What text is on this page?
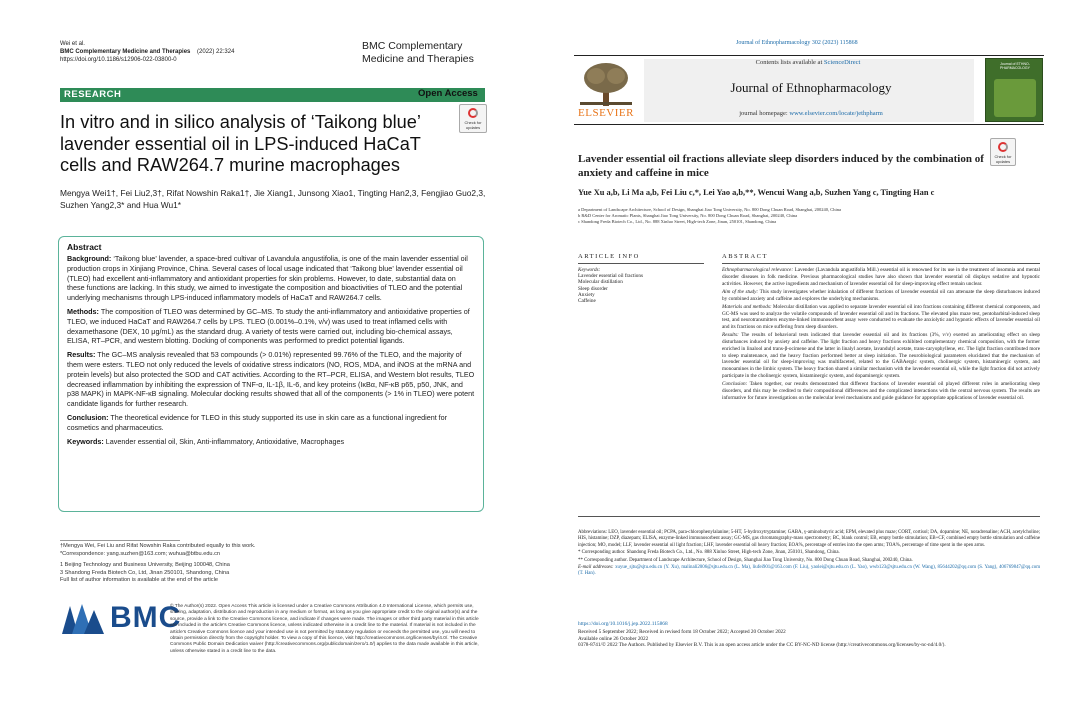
Wei et al.
BMC Complementary Medicine and Therapies (2022) 22:324
https://doi.org/10.1186/s12906-022-03800-0
BMC Complementary Medicine and Therapies
RESEARCH	Open Access
Check for updates
In vitro and in silico analysis of ‘Taikong blue’ lavender essential oil in LPS-induced HaCaT cells and RAW264.7 murine macrophages
Mengya Wei1†, Fei Liu2,3†, Rifat Nowshin Raka1†, Jie Xiang1, Junsong Xiao1, Tingting Han2,3, Fengjiao Guo2,3, Suzhen Yang2,3* and Hua Wu1*
Abstract

Background: ‘Taikong blue’ lavender, a space-bred cultivar of Lavandula angustifolia, is one of the main lavender essential oil production crops in Xinjiang Province, China. Several cases of local usage indicated that ‘Taikong blue’ lavender essential oil (TLEO) had excellent anti-inflammatory and antioxidant properties for skin problems. However, to date, substantial data on these functions are lacking. In this study, we aimed to investigate the composition and bioactivities of TLEO and the potential underlying mechanisms through LPS-induced inflammatory models of HaCaT and RAW264.7 cells.

Methods: The composition of TLEO was determined by GC–MS. To study the anti-inflammatory and antioxidative properties of TLEO, we induced HaCaT and RAW264.7 cells by LPS. TLEO (0.001%–0.1%, v/v) was used to treat inflamed cells with dexamethasone (DEX, 10 μg/mL) as the standard drug. A variety of tests were carried out, including bio-chemical assays, ELISA, RT–PCR, and western blotting. Docking of components was performed to predict potential ligands.

Results: The GC–MS analysis revealed that 53 compounds (> 0.01%) represented 99.76% of the TLEO, and the majority of them were esters. TLEO not only reduced the levels of oxidative stress indicators (NO, ROS, MDA, and iNOS at the mRNA and protein levels) but also protected the SOD and CAT activities. According to the RT–PCR, ELISA, and Western blot results, TLEO decreased inflammation by inhibiting the expression of TNF-α, IL-1β, IL-6, and key proteins (IκBα, NF-κB p65, p50, JNK, and p38 MAPK) in MAPK-NF-κB signaling. Molecular docking results showed that all of the components (> 1% in TLEO) were potent candidate ligands for further research.

Conclusion: The theoretical evidence for TLEO in this study supported its use in skin care as a functional ingredient for cosmetics and pharmaceutics.

Keywords: Lavender essential oil, Skin, Anti-inflammatory, Antioxidative, Macrophages

†Mengya Wei, Fei Liu and Rifat Nowshin Raka contributed equally to this work.
*Correspondence: yang.suzhen@163.com; wuhua@btbu.edu.cn
1 Beijing Technology and Business University, Beijing 100048, China
3 Shandong Freda Biotech Co, Ltd, Jinan 250101, Shandong, China
Full list of author information is available at the end of the article
BMC
© The Author(s) 2022. Open Access This article is licensed under a Creative Commons Attribution 4.0 International License, which permits use, sharing, adaptation, distribution and reproduction in any medium or format, as long as you give appropriate credit to the original author(s) and the source, provide a link to the Creative Commons licence, and indicate if changes were made. The images or other third party material in this article are included in the article's Creative Commons licence, unless indicated otherwise in a credit line to the material. If material is not included in the article's Creative Commons licence and your intended use is not permitted by statutory regulation or exceeds the permitted use, you will need to obtain permission directly from the copyright holder. To view a copy of this licence, visit http://creativecommons.org/licenses/by/4.0/. The Creative Commons Public Domain Dedication waiver (http://creativecommons.org/publicdomain/zero/1.0/) applies to the data made available in this article, unless otherwise stated in a credit line to the data.
Journal of Ethnopharmacology 302 (2023) 115868
Contents lists available at ScienceDirect
Journal of Ethnopharmacology
journal homepage: www.elsevier.com/locate/jethpharm
ELSEVIER
Journal of ETHNO-PHARMACOLOGY
Check for updates
Lavender essential oil fractions alleviate sleep disorders induced by the combination of anxiety and caffeine in mice
Yue Xu a,b, Li Ma a,b, Fei Liu c,*, Lei Yao a,b,**, Wencui Wang a,b, Suzhen Yang c, Tingting Han c
a Department of Landscape Architecture, School of Design, Shanghai Jiao Tong University, No. 800 Dong Chuan Road, Shanghai, 200240, China
b R&D Center for Aromatic Plants, Shanghai Jiao Tong University, No. 800 Dong Chuan Road, Shanghai, 200240, China
c Shandong Freda Biotech Co., Ltd., No. 888 Xinluo Street, High-tech Zone, Jinan, 250101, Shandong, China
ARTICLE INFO	ABSTRACT
Keywords:
Lavender essential oil fractions
Molecular distillation
Sleep disorder
Anxiety
Caffeine

Ethnopharmacological relevance: Lavender (Lavandula angustifolia Mill.) essential oil is renowned for its use in the treatment of insomnia and mental disorder diseases in folk medicine. Previous pharmacological studies have also shown that lavender essential oil displays sedative and hypnotic activities. However, the active ingredients and mechanism of lavender essential oil for sleep-improving effect remain unclear.

Aim of the study: This study investigates whether inhalation of different fractions of lavender essential oil can attenuate the sleep disturbances induced by combined anxiety and caffeine and explores the underlying mechanisms.

Materials and methods: Molecular distillation was applied to separate lavender essential oil into fractions containing different chemical components, and GC-MS was used to analyze the volatile compounds of lavender essential oil and its fractions. The elevated plus maze test, pentobarbital-induced sleep test, and neurotransmitters enzyme-linked immunosorbent assay were conducted to evaluate the anxiolytic and hypnotic effects of lavender essential oil and its fractions on mice suffering from sleep disorders.

Results: The results of behavioral tests indicated that lavender essential oil and its fractions (3%, v/v) exerted an ameliorating effect on sleep disturbances induced by anxiety and caffeine. The light fraction and heavy fractions exhibited complementary chemical composition, with the former enriched in linalool and trans-β-ocimene and the latter in linalyl acetate, lavandulyl acetate, trans-caryophyllene, etc. The light fraction contributed more to sleep maintenance, and the heavy fraction performed better at sleep initiation. The neurobiological parameters elucidated that the mechanism of lavender essential oil for sleep-improving was multifaceted, related to the GABAergic system, cholinergic system, histaminergic system, and monoamines in the limbic system. The heavy fraction shared a similar mechanism with the lavender essential oil, while the light fraction did not actively participate in the cholinergic system, histaminergic system, and dopaminergic system.

Conclusion: Taken together, our results demonstrated that different fractions of lavender essential oil played different roles in ameliorating sleep disorders, and this may be credited to their compositional differences and the complicated interactions with the central nervous system. The results are informative for future investigations on the molecular level mechanisms and guide guidance for appropriate applications of lavender essential oil.

Abbreviations: LEO, lavender essential oil; PCPA, para-chlorophenylalanine; 5-HT, 5-hydroxytryptamine; GABA, γ-aminobutyric acid; EPM, elevated plus maze; CORT, cortisol; DA, dopamine; NE, noradrenaline; ACH, acetylcholine; HIS, histamine; DZP, diazepam; ELISA, enzyme-linked immunosorbent assay; GC-MS, gas chromatography-mass spectrometry; BC, blank control; EB, empty bottle stimulation; EB+CF, combined empty bottle stimulation and caffeine injection; MO, model; LLF, lavender essential oil light fraction; LHF, lavender essential oil heavy fraction; EOA%, percentage of entries into the open arms; TOA%, percentage of time spent in the open arms.

* Corresponding author. Shandong Freda Biotech Co., Ltd., No. 888 Xinluo Street, High-tech Zone, Jinan, 250101, Shandong, China.

** Corresponding author. Department of Landscape Architecture, School of Design, Shanghai Jiao Tong University, No. 800 Dong Chuan Road, Shanghai, 200240, China.

E-mail addresses: xuyue_sjtu@sjtu.edu.cn (Y. Xu), malinali2006@sjtu.edu.cn (L. Ma), liufei901@163.com (F. Liu), yaolei@sjtu.edu.cn (L. Yao), wwb123@sjtu.edu.cn (W. Wang), 85644202@qq.com (S. Yang), 406769847@qq.com (T. Han).

https://doi.org/10.1016/j.jep.2022.115868
Received 5 September 2022; Received in revised form 18 October 2022; Accepted 20 October 2022
Available online 26 October 2022
0378-8741/© 2022 The Authors. Published by Elsevier B.V. This is an open access article under the CC BY-NC-ND license (http://creativecommons.org/licenses/by-nc-nd/4.0/).
